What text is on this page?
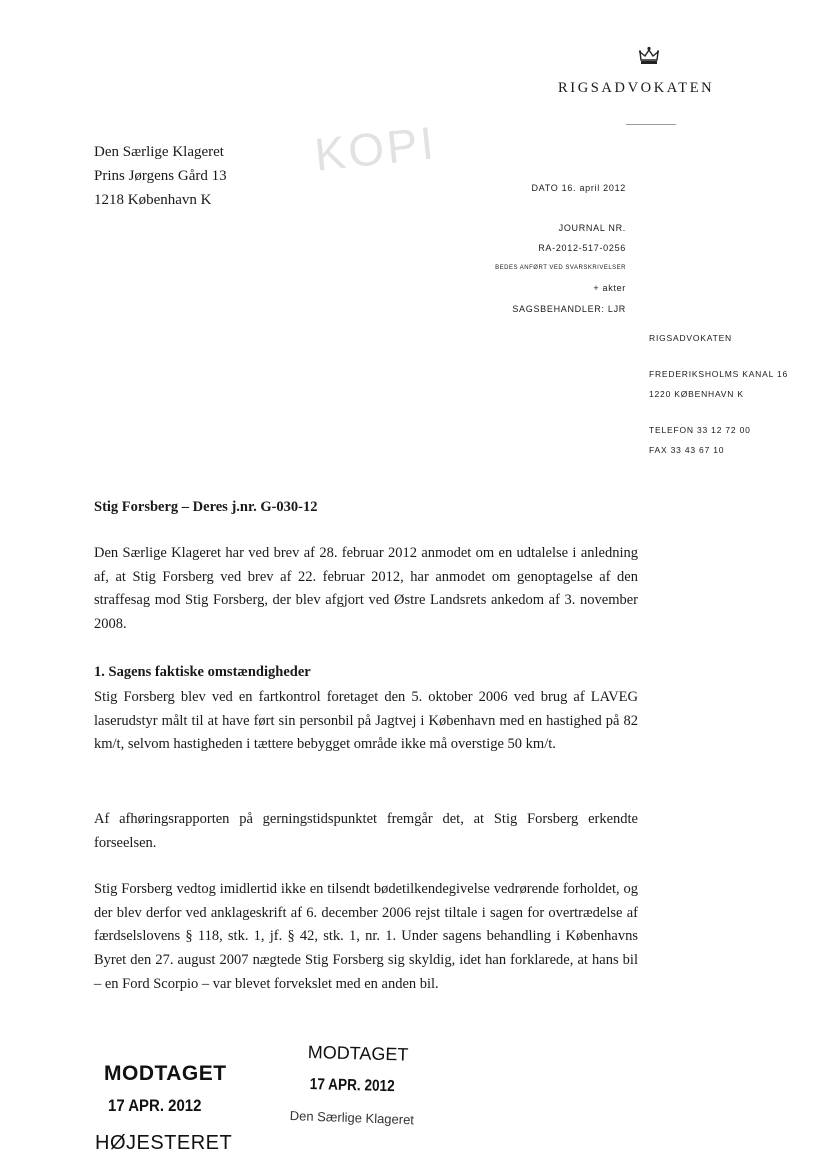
RIGSADVOKATEN
KOPI
Den Særlige Klageret
Prins Jørgens Gård 13
1218 København K
DATO 16. april 2012
JOURNAL NR.
RA-2012-517-0256
BEDES ANFØRT VED SVARSKRIVELSER
+ akter
SAGSBEHANDLER: LJR
RIGSADVOKATEN
FREDERIKSHOLMS KANAL 16
1220 KØBENHAVN K
TELEFON 33 12 72 00
FAX 33 43 67 10
Stig Forsberg – Deres j.nr. G-030-12
Den Særlige Klageret har ved brev af 28. februar 2012 anmodet om en udtalelse i anledning af, at Stig Forsberg ved brev af 22. februar 2012, har anmodet om genoptagelse af den straffesag mod Stig Forsberg, der blev afgjort ved Østre Landsrets ankedom af 3. november 2008.
1. Sagens faktiske omstændigheder
Stig Forsberg blev ved en fartkontrol foretaget den 5. oktober 2006 ved brug af LAVEG laserudstyr målt til at have ført sin personbil på Jagtvej i København med en hastighed på 82 km/t, selvom hastigheden i tættere bebygget område ikke må overstige 50 km/t.
Af afhøringsrapporten på gerningstidspunktet fremgår det, at Stig Forsberg erkendte forseelsen.
Stig Forsberg vedtog imidlertid ikke en tilsendt bødetilkendegivelse vedrørende forholdet, og der blev derfor ved anklageskrift af 6. december 2006 rejst tiltale i sagen for overtrædelse af færdselslovens § 118, stk. 1, jf. § 42, stk. 1, nr. 1. Under sagens behandling i Københavns Byret den 27. august 2007 nægtede Stig Forsberg sig skyldig, idet han forklarede, at hans bil – en Ford Scorpio – var blevet forvekslet med en anden bil.
MODTAGET
17 APR. 2012
HØJESTERET
MODTAGET
17 APR. 2012
Den Særlige Klageret
